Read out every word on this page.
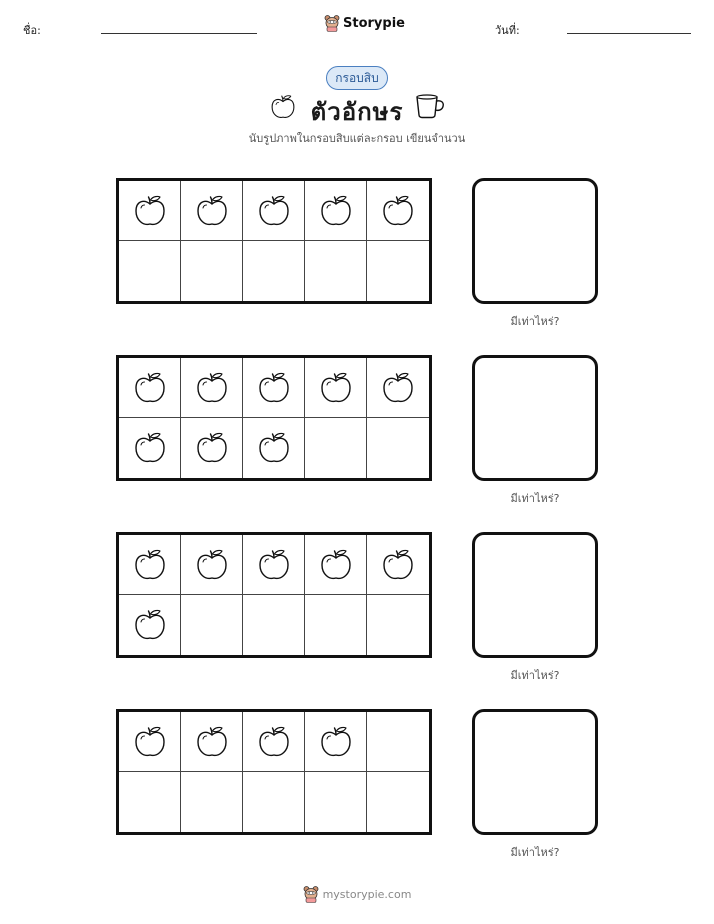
ชื่อ:	Storypie	วันที่:
กรอบสิบ
ตัวอักษร
นับรูปภาพในกรอบสิบแต่ละกรอบ เขียนจำนวน
มีเท่าไหร่?
มีเท่าไหร่?
มีเท่าไหร่?
มีเท่าไหร่?
mystorypie.com
